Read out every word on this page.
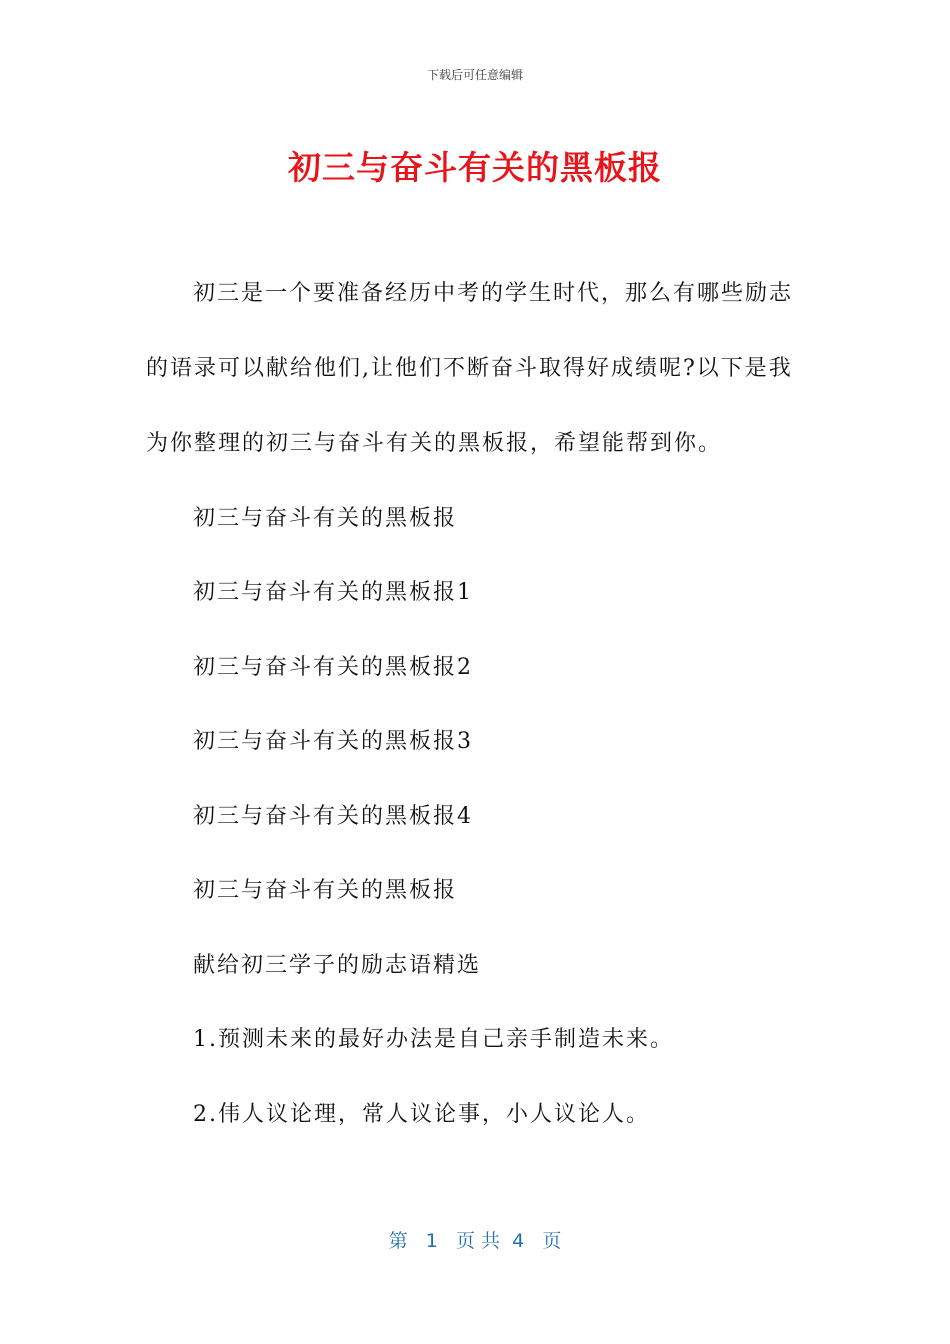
下载后可任意编辑
初三与奋斗有关的黑板报
初三是一个要准备经历中考的学生时代，那么有哪些励志
的语录可以献给他们,让他们不断奋斗取得好成绩呢?以下是我
为你整理的初三与奋斗有关的黑板报，希望能帮到你。
初三与奋斗有关的黑板报
初三与奋斗有关的黑板报1
初三与奋斗有关的黑板报2
初三与奋斗有关的黑板报3
初三与奋斗有关的黑板报4
初三与奋斗有关的黑板报
献给初三学子的励志语精选
1.预测未来的最好办法是自己亲手制造未来。
2.伟人议论理，常人议论事，小人议论人。
第   1   页 共  4   页
